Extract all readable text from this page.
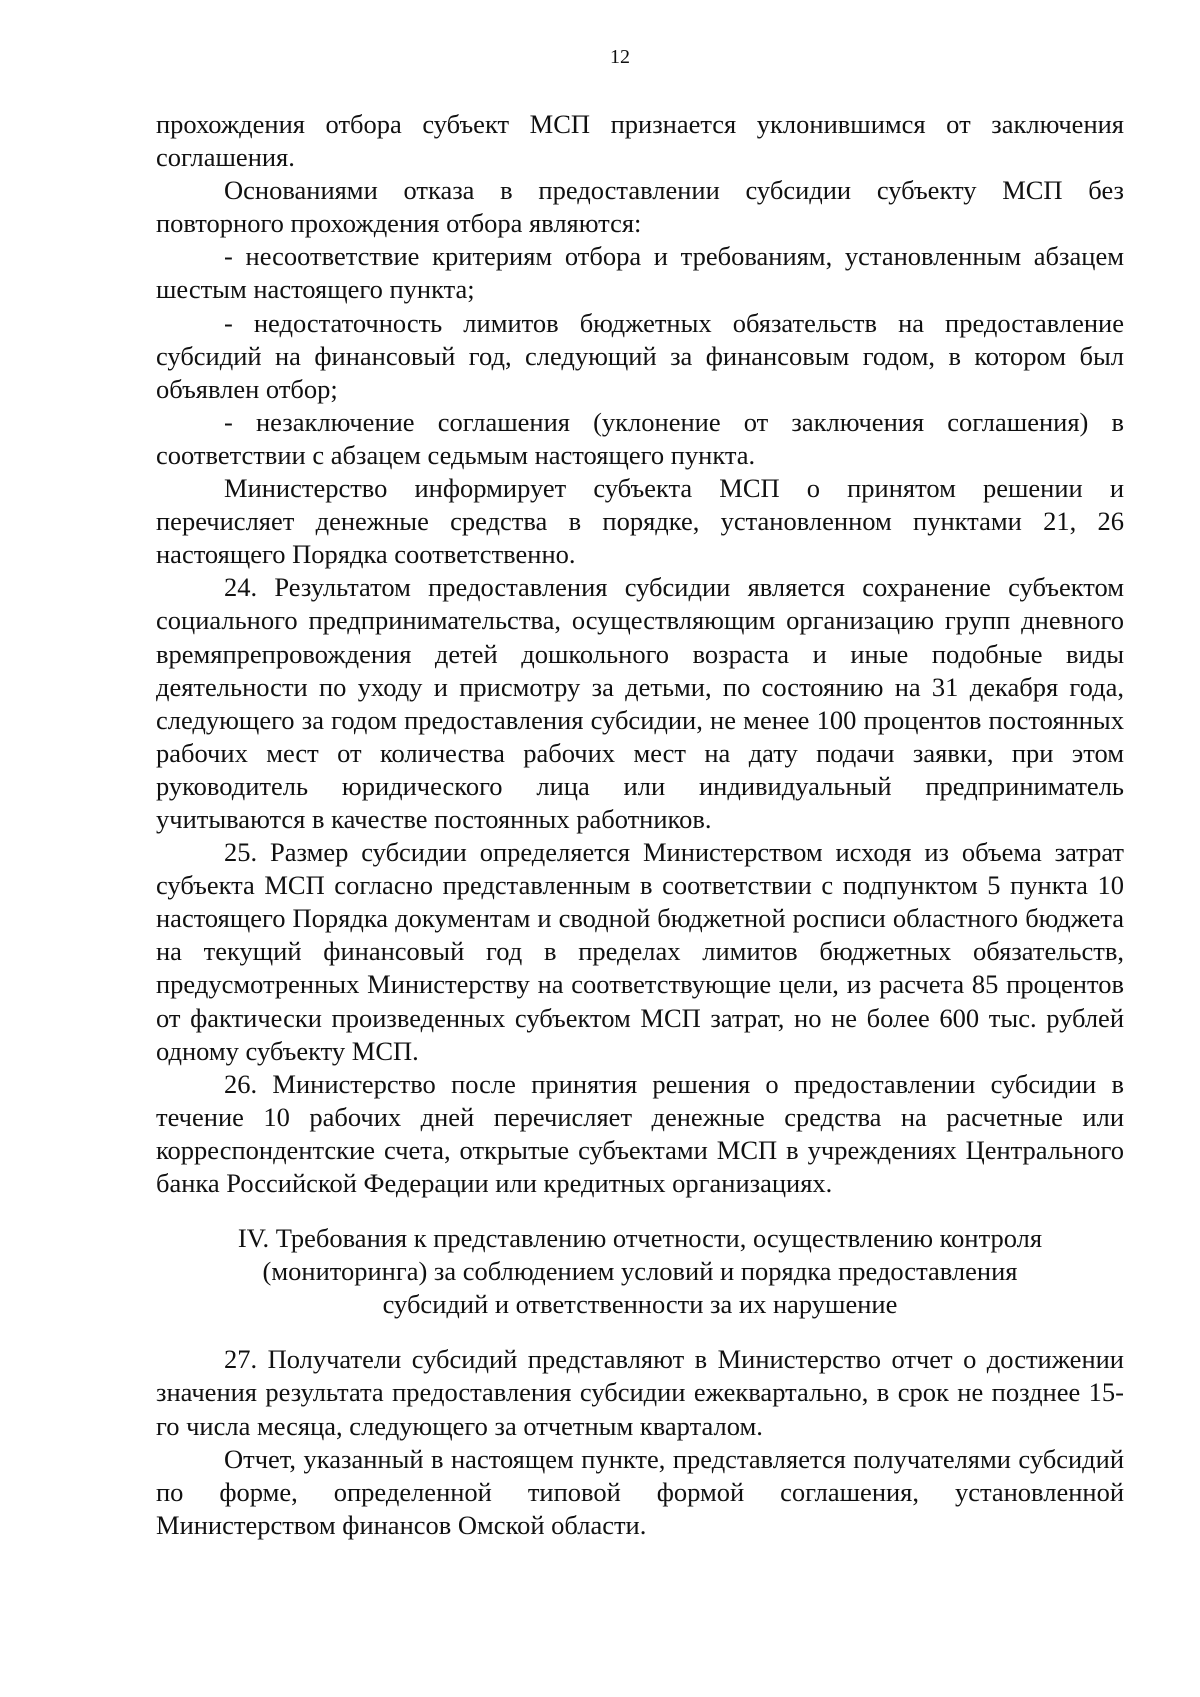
12

прохождения отбора субъект МСП признается уклонившимся от заключения соглашения.

Основаниями отказа в предоставлении субсидии субъекту МСП без повторного прохождения отбора являются:

- несоответствие критериям отбора и требованиям, установленным абзацем шестым настоящего пункта;

- недостаточность лимитов бюджетных обязательств на предоставление субсидий на финансовый год, следующий за финансовым годом, в котором был объявлен отбор;

- незаключение соглашения (уклонение от заключения соглашения) в соответствии с абзацем седьмым настоящего пункта.

Министерство информирует субъекта МСП о принятом решении и перечисляет денежные средства в порядке, установленном пунктами 21, 26 настоящего Порядка соответственно.

24. Результатом предоставления субсидии является сохранение субъектом социального предпринимательства, осуществляющим организацию групп дневного времяпрепровождения детей дошкольного возраста и иные подобные виды деятельности по уходу и присмотру за детьми, по состоянию на 31 декабря года, следующего за годом предоставления субсидии, не менее 100 процентов постоянных рабочих мест от количества рабочих мест на дату подачи заявки, при этом руководитель юридического лица или индивидуальный предприниматель учитываются в качестве постоянных работников.

25. Размер субсидии определяется Министерством исходя из объема затрат субъекта МСП согласно представленным в соответствии с подпунктом 5 пункта 10 настоящего Порядка документам и сводной бюджетной росписи областного бюджета на текущий финансовый год в пределах лимитов бюджетных обязательств, предусмотренных Министерству на соответствующие цели, из расчета 85 процентов от фактически произведенных субъектом МСП затрат, но не более 600 тыс. рублей одному субъекту МСП.

26. Министерство после принятия решения о предоставлении субсидии в течение 10 рабочих дней перечисляет денежные средства на расчетные или корреспондентские счета, открытые субъектами МСП в учреждениях Центрального банка Российской Федерации или кредитных организациях.

IV. Требования к представлению отчетности, осуществлению контроля
(мониторинга) за соблюдением условий и порядка предоставления
субсидий и ответственности за их нарушение

27. Получатели субсидий представляют в Министерство отчет о достижении значения результата предоставления субсидии ежеквартально, в срок не позднее 15-го числа месяца, следующего за отчетным кварталом.

Отчет, указанный в настоящем пункте, представляется получателями субсидий по форме, определенной типовой формой соглашения, установленной Министерством финансов Омской области.
